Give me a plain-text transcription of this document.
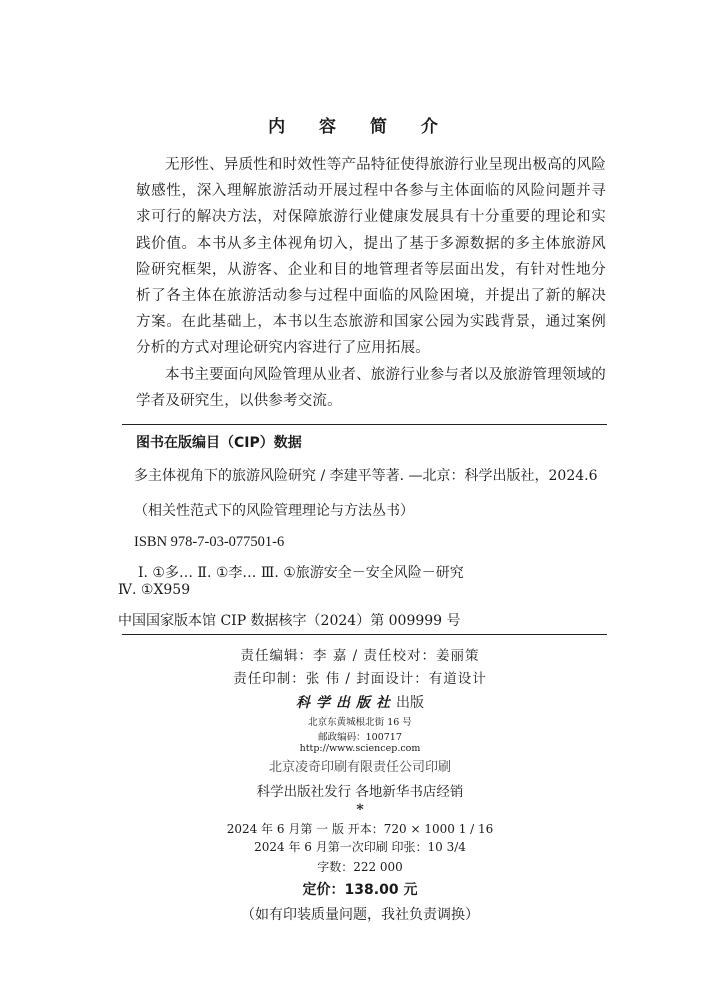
内 容 简 介

无形性、异质性和时效性等产品特征使得旅游行业呈现出极高的风险敏感性，深入理解旅游活动开展过程中各参与主体面临的风险问题并寻求可行的解决方法，对保障旅游行业健康发展具有十分重要的理论和实践价值。本书从多主体视角切入，提出了基于多源数据的多主体旅游风险研究框架，从游客、企业和目的地管理者等层面出发，有针对性地分析了各主体在旅游活动参与过程中面临的风险困境，并提出了新的解决方案。在此基础上，本书以生态旅游和国家公园为实践背景，通过案例分析的方式对理论研究内容进行了应用拓展。

本书主要面向风险管理从业者、旅游行业参与者以及旅游管理领域的学者及研究生，以供参考交流。

图书在版编目（CIP）数据
多主体视角下的旅游风险研究 / 李建平等著. —北京：科学出版社，2024.6
（相关性范式下的风险管理理论与方法丛书）
ISBN 978-7-03-077501-6
Ⅰ. ①多… Ⅱ. ①李… Ⅲ. ①旅游安全－安全风险－研究
Ⅳ. ①X959
中国国家版本馆 CIP 数据核字（2024）第 009999 号
责任编辑：李 嘉 / 责任校对：姜丽策
责任印制：张 伟 / 封面设计：有道设计
科学出版社出版
北京东黄城根北街 16 号
邮政编码：100717
http://www.sciencep.com
北京凌奇印刷有限责任公司印刷
科学出版社发行 各地新华书店经销
*
2024 年 6 月第 一 版 开本：720 × 1000 1 / 16
2024 年 6 月第一次印刷 印张：10 3/4
字数：222 000
定价：138.00 元
（如有印装质量问题，我社负责调换）
